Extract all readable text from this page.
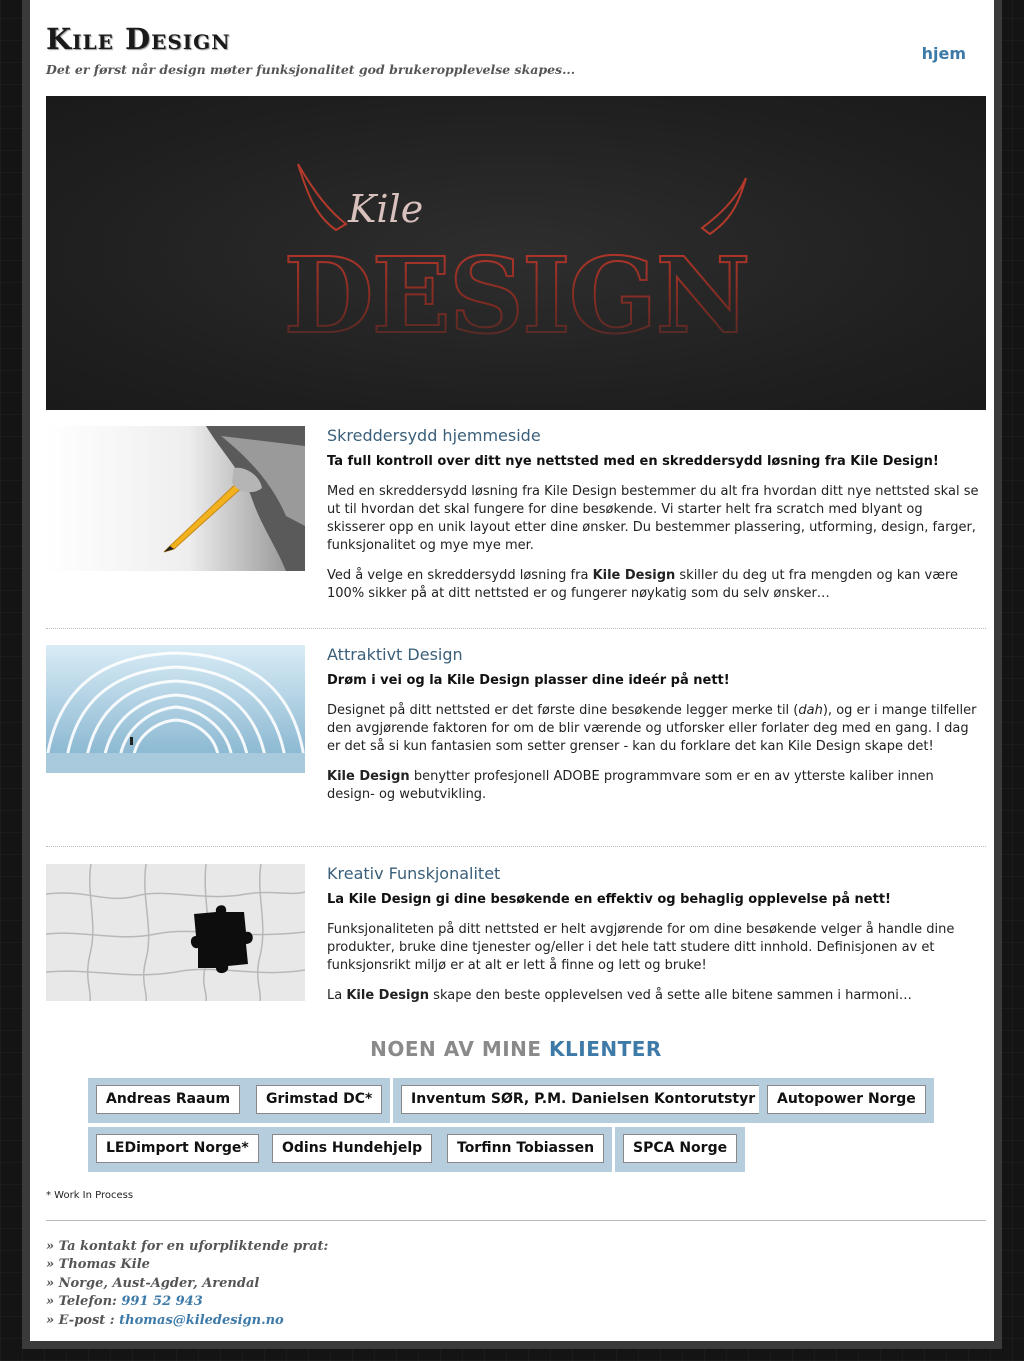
Kile Design
Det er først når design møter funksjonalitet god brukeropplevelse skapes...
hjem
Kile
DESIGN
Skreddersydd hjemmeside

Ta full kontroll over ditt nye nettsted med en skreddersydd løsning fra Kile Design!

Med en skreddersydd løsning fra Kile Design bestemmer du alt fra hvordan ditt nye nettsted skal se ut til hvordan det skal fungere for dine besøkende. Vi starter helt fra scratch med blyant og skisserer opp en unik layout etter dine ønsker. Du bestemmer plassering, utforming, design, farger, funksjonalitet og mye mye mer.

Ved å velge en skreddersydd løsning fra Kile Design skiller du deg ut fra mengden og kan være 100% sikker på at ditt nettsted er og fungerer nøykatig som du selv ønsker…

Attraktivt Design

Drøm i vei og la Kile Design plasser dine ideér på nett!

Designet på ditt nettsted er det første dine besøkende legger merke til (dah), og er i mange tilfeller den avgjørende faktoren for om de blir værende og utforsker eller forlater deg med en gang. I dag er det så si kun fantasien som setter grenser - kan du forklare det kan Kile Design skape det!

Kile Design benytter profesjonell ADOBE programmvare som er en av ytterste kaliber innen design- og webutvikling.

Kreativ Funskjonalitet

La Kile Design gi dine besøkende en effektiv og behaglig opplevelse på nett!

Funksjonaliteten på ditt nettsted er helt avgjørende for om dine besøkende velger å handle dine produkter, bruke dine tjenester og/eller i det hele tatt studere ditt innhold. Definisjonen av et funksjonsrikt miljø er at alt er lett å finne og lett og bruke!

La Kile Design skape den beste opplevelsen ved å sette alle bitene sammen i harmoni…

NOEN AV MINE KLIENTER
Andreas Raaum	Grimstad DC*	Inventum SØR, P.M. Danielsen Kontorutstyr	Autopower Norge
LEDimport Norge*	Odins Hundehjelp	Torfinn Tobiassen	SPCA Norge
* Work In Process
» Ta kontakt for en uforpliktende prat:
» Thomas Kile
» Norge, Aust-Agder, Arendal
» Telefon: 991 52 943
» E-post : thomas@kiledesign.no
